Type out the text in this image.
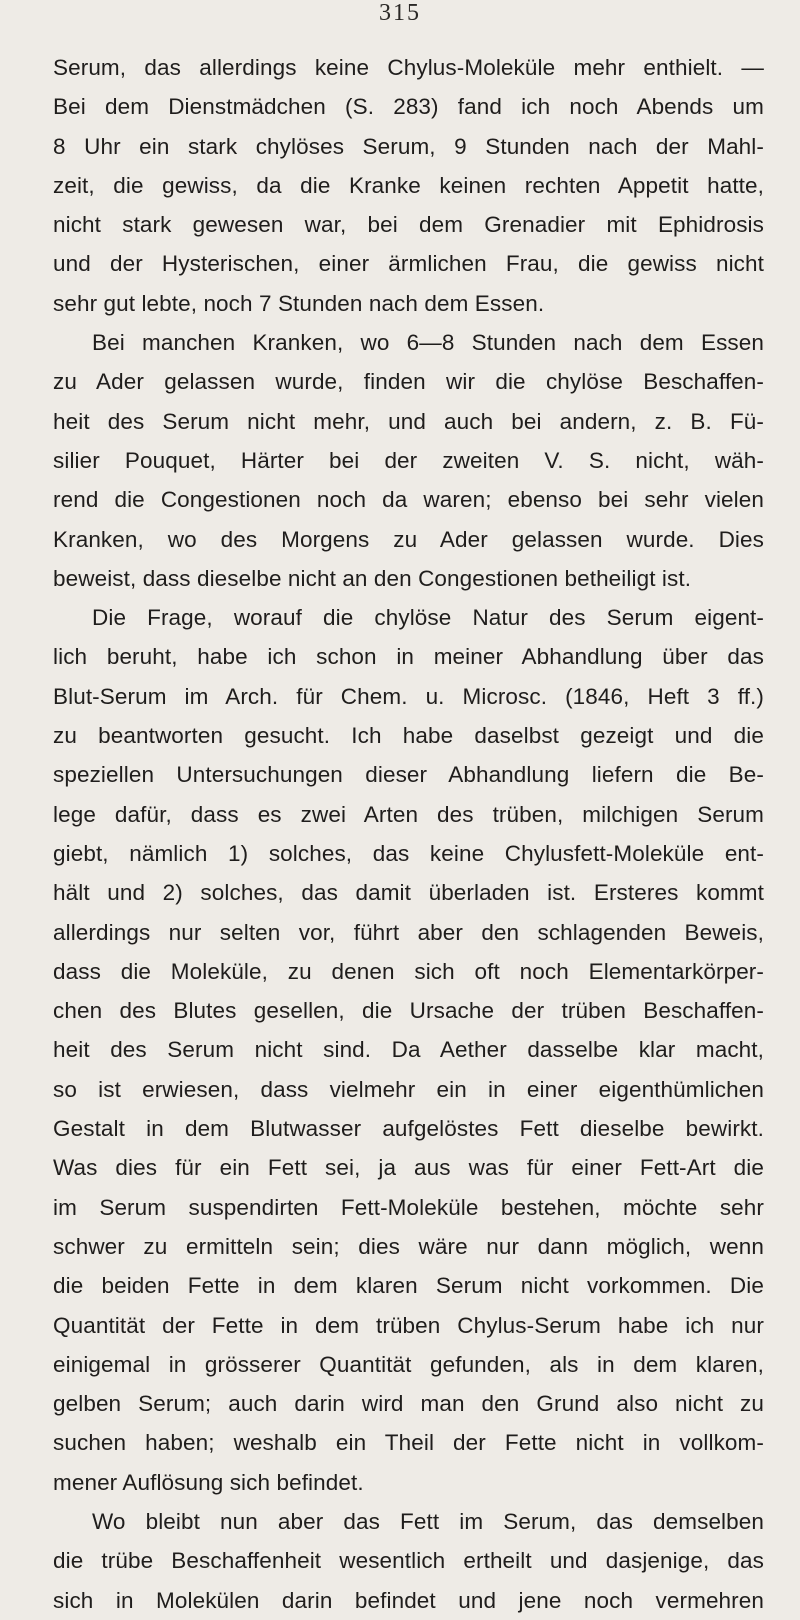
315
Serum, das allerdings keine Chylus-Moleküle mehr enthielt. —
Bei dem Dienstmädchen (S. 283) fand ich noch Abends um
8 Uhr ein stark chylöses Serum, 9 Stunden nach der Mahl-
zeit, die gewiss, da die Kranke keinen rechten Appetit hatte,
nicht stark gewesen war, bei dem Grenadier mit Ephidrosis
und der Hysterischen, einer ärmlichen Frau, die gewiss nicht
sehr gut lebte, noch 7 Stunden nach dem Essen.
Bei manchen Kranken, wo 6—8 Stunden nach dem Essen
zu Ader gelassen wurde, finden wir die chylöse Beschaffen-
heit des Serum nicht mehr, und auch bei andern, z. B. Fü-
silier Pouquet, Härter bei der zweiten V. S. nicht, wäh-
rend die Congestionen noch da waren; ebenso bei sehr vielen
Kranken, wo des Morgens zu Ader gelassen wurde. Dies
beweist, dass dieselbe nicht an den Congestionen betheiligt ist.
Die Frage, worauf die chylöse Natur des Serum eigent-
lich beruht, habe ich schon in meiner Abhandlung über das
Blut-Serum im Arch. für Chem. u. Microsc. (1846, Heft 3 ff.)
zu beantworten gesucht. Ich habe daselbst gezeigt und die
speziellen Untersuchungen dieser Abhandlung liefern die Be-
lege dafür, dass es zwei Arten des trüben, milchigen Serum
giebt, nämlich 1) solches, das keine Chylusfett-Moleküle ent-
hält und 2) solches, das damit überladen ist. Ersteres kommt
allerdings nur selten vor, führt aber den schlagenden Beweis,
dass die Moleküle, zu denen sich oft noch Elementarkörper-
chen des Blutes gesellen, die Ursache der trüben Beschaffen-
heit des Serum nicht sind. Da Aether dasselbe klar macht,
so ist erwiesen, dass vielmehr ein in einer eigenthümlichen
Gestalt in dem Blutwasser aufgelöstes Fett dieselbe bewirkt.
Was dies für ein Fett sei, ja aus was für einer Fett-Art die
im Serum suspendirten Fett-Moleküle bestehen, möchte sehr
schwer zu ermitteln sein; dies wäre nur dann möglich, wenn
die beiden Fette in dem klaren Serum nicht vorkommen. Die
Quantität der Fette in dem trüben Chylus-Serum habe ich nur
einigemal in grösserer Quantität gefunden, als in dem klaren,
gelben Serum; auch darin wird man den Grund also nicht zu
suchen haben; weshalb ein Theil der Fette nicht in vollkom-
mener Auflösung sich befindet.
Wo bleibt nun aber das Fett im Serum, das demselben
die trübe Beschaffenheit wesentlich ertheilt und dasjenige, das
sich in Molekülen darin befindet und jene noch vermehren
